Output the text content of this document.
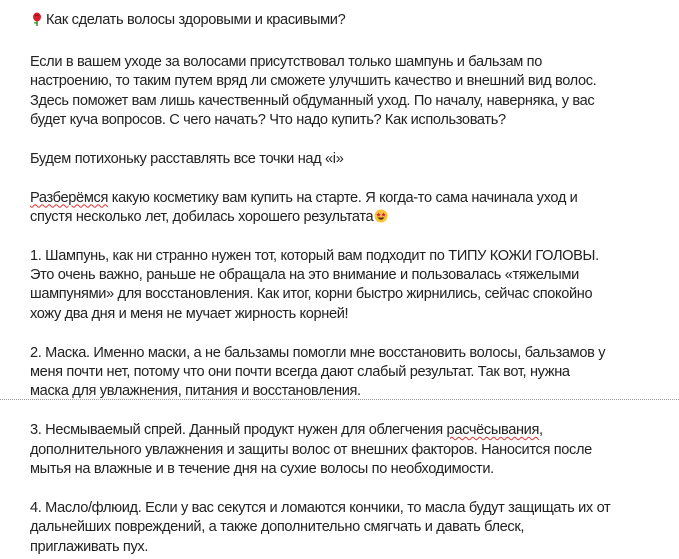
Как сделать волосы здоровыми и красивыми?
Если в вашем уходе за волосами присутствовал только шампунь и бальзам по
настроению, то таким путем вряд ли сможете улучшить качество и внешний вид волос.
Здесь поможет вам лишь качественный обдуманный уход. По началу, наверняка, у вас
будет куча вопросов. С чего начать? Что надо купить? Как использовать?
Будем потихоньку расставлять все точки над «i»
Разберёмся какую косметику вам купить на старте. Я когда-то сама начинала уход и
спустя несколько лет, добилась хорошего результата
1. Шампунь, как ни странно нужен тот, который вам подходит по ТИПУ КОЖИ ГОЛОВЫ.
Это очень важно, раньше не обращала на это внимание и пользовалась «тяжелыми
шампунями» для восстановления. Как итог, корни быстро жирнились, сейчас спокойно
хожу два дня и меня не мучает жирность корней!
2. Маска. Именно маски, а не бальзамы помогли мне восстановить волосы, бальзамов у
меня почти нет, потому что они почти всегда дают слабый результат. Так вот, нужна
маска для увлажнения, питания и восстановления.
3. Несмываемый спрей. Данный продукт нужен для облегчения расчёсывания,
дополнительного увлажнения и защиты волос от внешних факторов. Наносится после
мытья на влажные и в течение дня на сухие волосы по необходимости.
4. Масло/флюид. Если у вас секутся и ломаются кончики, то масла будут защищать их от
дальнейших повреждений, а также дополнительно смягчать и давать блеск,
приглаживать пух.
